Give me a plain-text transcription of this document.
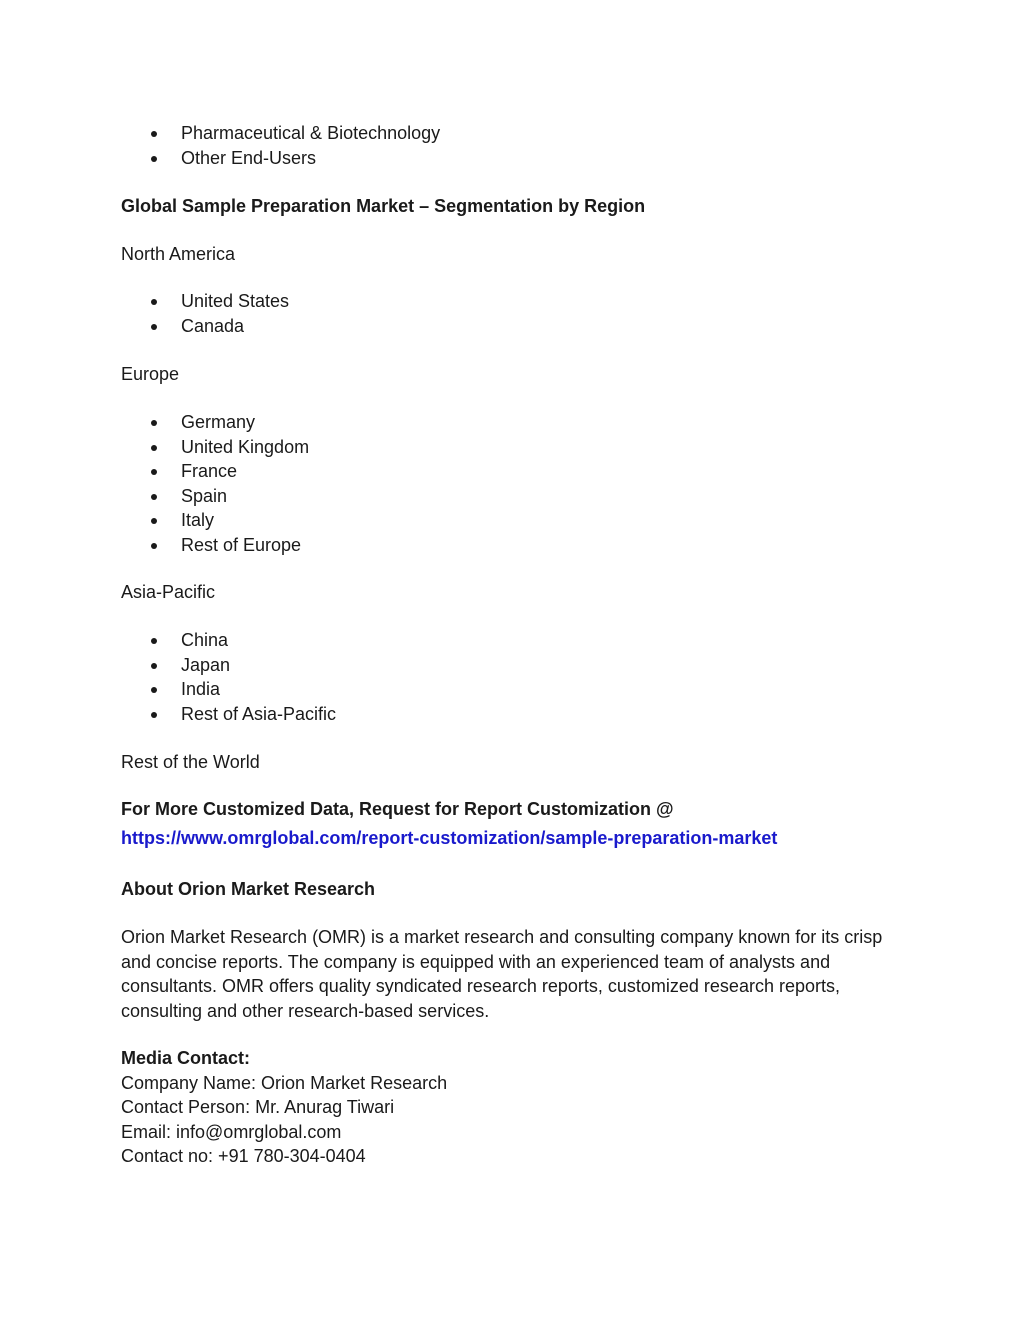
Pharmaceutical & Biotechnology
Other End-Users
Global Sample Preparation Market – Segmentation by Region
North America
United States
Canada
Europe
Germany
United Kingdom
France
Spain
Italy
Rest of Europe
Asia-Pacific
China
Japan
India
Rest of Asia-Pacific
Rest of the World
For More Customized Data, Request for Report Customization @
https://www.omrglobal.com/report-customization/sample-preparation-market
About Orion Market Research
Orion Market Research (OMR) is a market research and consulting company known for its crisp
and concise reports. The company is equipped with an experienced team of analysts and
consultants. OMR offers quality syndicated research reports, customized research reports,
consulting and other research-based services.
Media Contact:
Company Name: Orion Market Research
Contact Person: Mr. Anurag Tiwari
Email: info@omrglobal.com
Contact no: +91 780-304-0404
